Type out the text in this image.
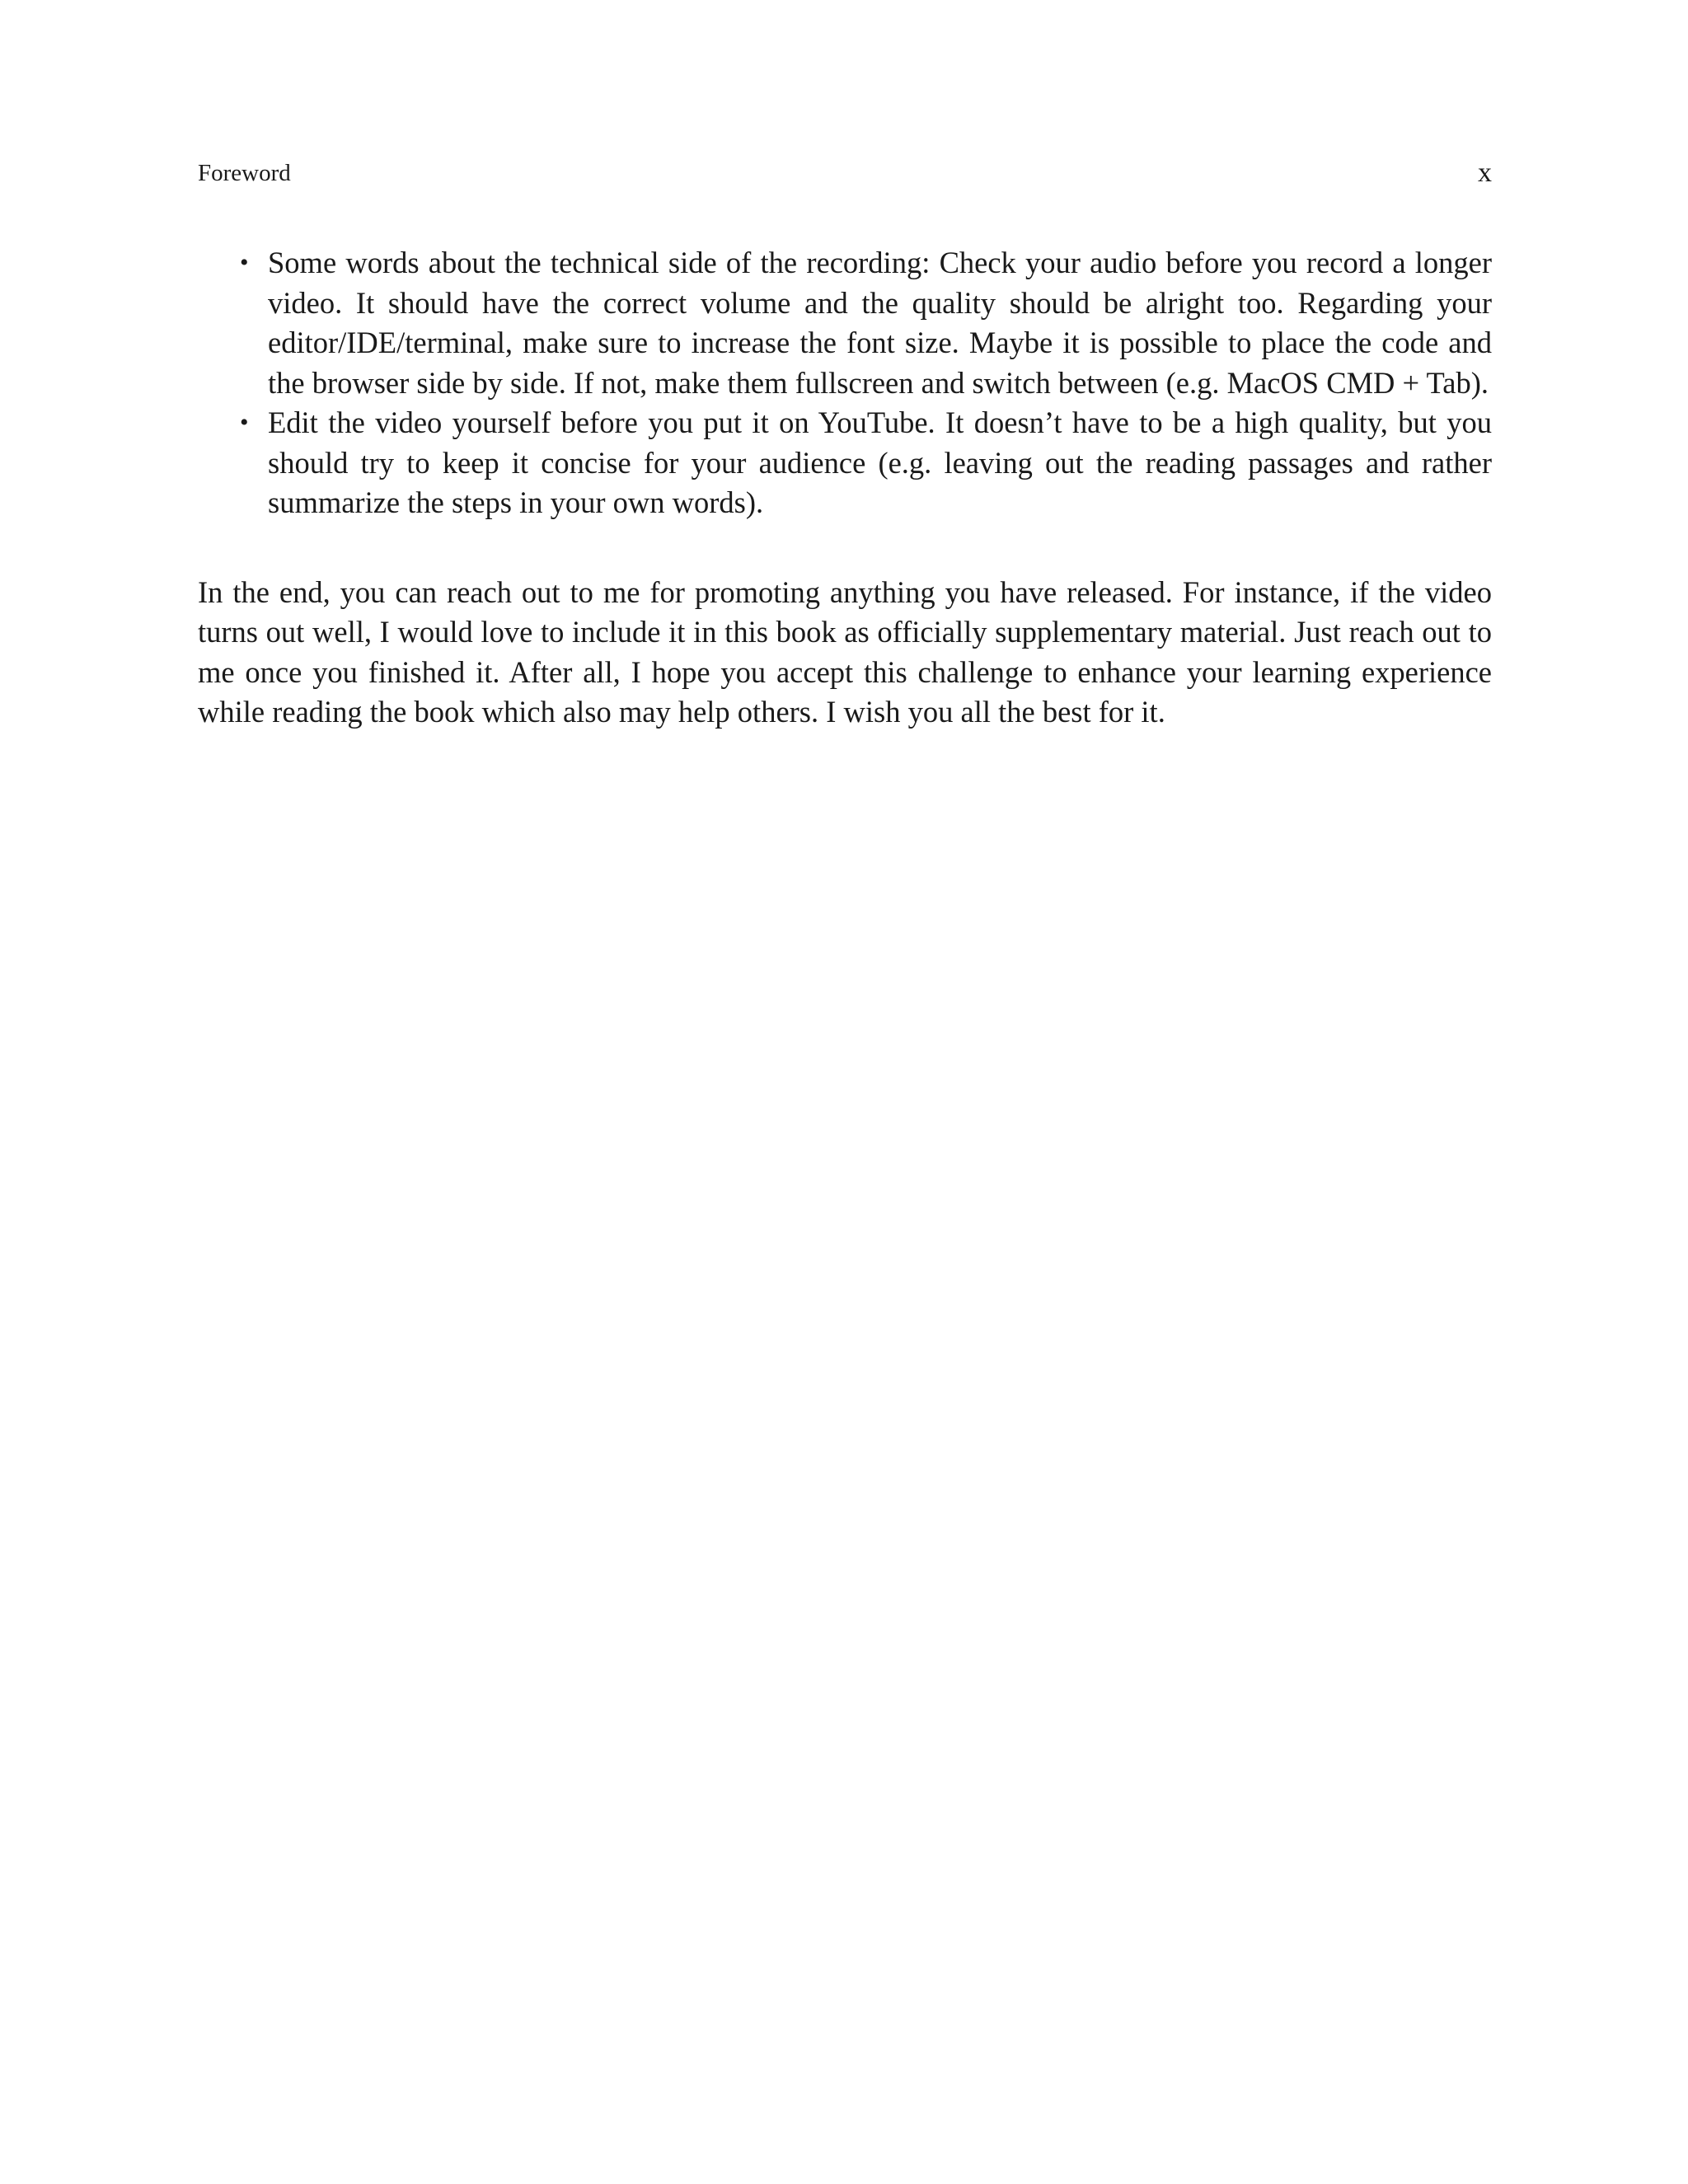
Foreword	x
• Some words about the technical side of the recording: Check your audio before you record a longer video. It should have the correct volume and the quality should be alright too. Regarding your editor/IDE/terminal, make sure to increase the font size. Maybe it is possible to place the code and the browser side by side. If not, make them fullscreen and switch between (e.g. MacOS CMD + Tab).
• Edit the video yourself before you put it on YouTube. It doesn’t have to be a high quality, but you should try to keep it concise for your audience (e.g. leaving out the reading passages and rather summarize the steps in your own words).

In the end, you can reach out to me for promoting anything you have released. For instance, if the video turns out well, I would love to include it in this book as officially supplementary material. Just reach out to me once you finished it. After all, I hope you accept this challenge to enhance your learning experience while reading the book which also may help others. I wish you all the best for it.
